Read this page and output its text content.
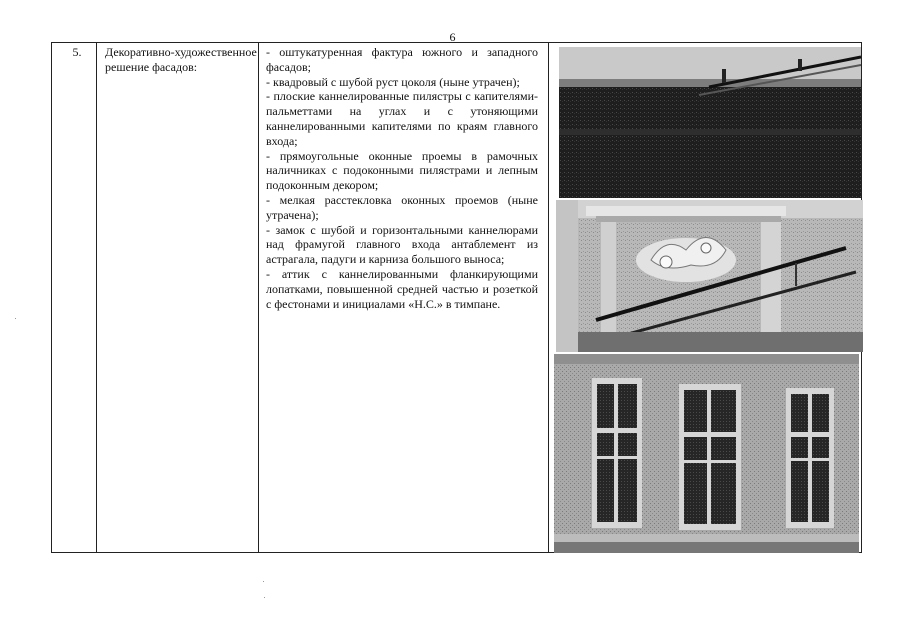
6
5.	Декоративно-художественное решение фасадов:

- оштукатуренная фактура южного и западного фасадов;

- квадровый с шубой руст цоколя (ныне утрачен);

- плоские каннелированные пилястры с капителями-пальметтами на углах и с утоняющими каннелированными капителями по краям главного входа;

- прямоугольные оконные проемы в рамочных наличниках с подоконными пилястрами и лепным подоконным декором;

- мелкая расстекловка оконных проемов (ныне утрачена);

- замок с шубой и горизонтальными каннелюрами над фрамугой главного входа антаблемент из астрагала, падуги и карниза большого выноса;

- аттик с каннелированными фланкирующими лопатками, повышенной средней частью и розеткой с фестонами и инициалами «Н.С.» в тимпане.
